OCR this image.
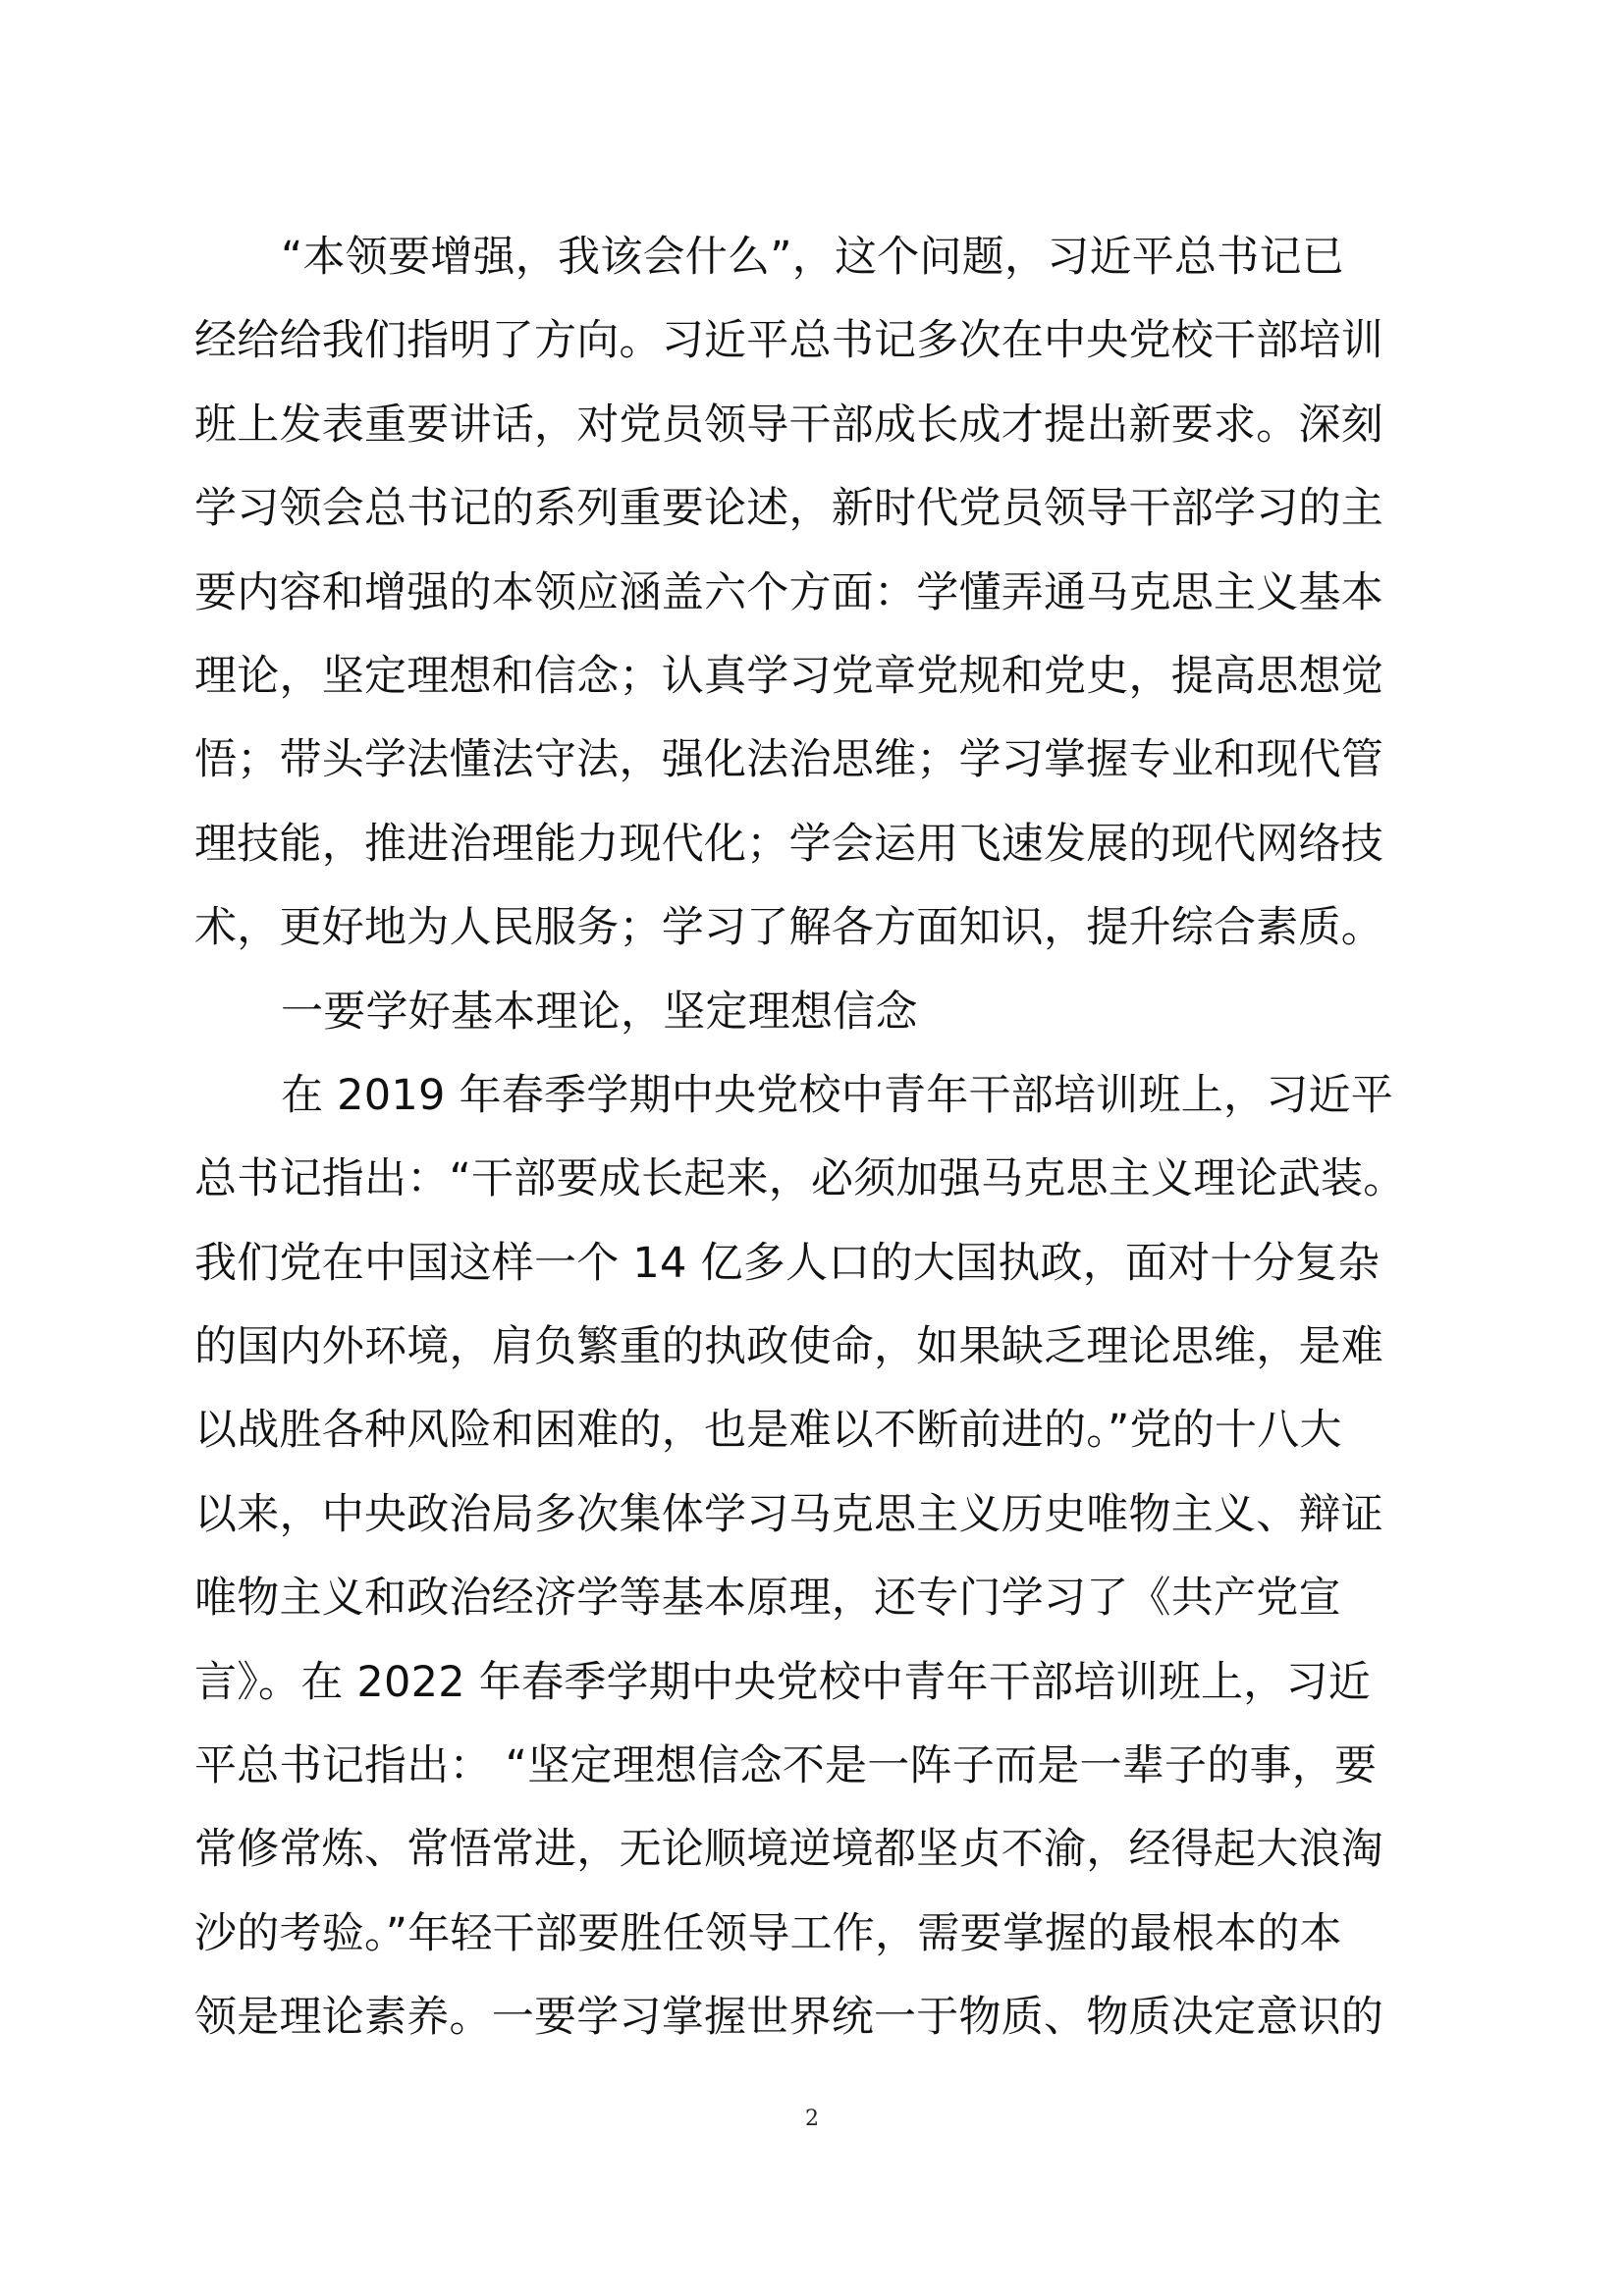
“本领要增强，我该会什么”，这个问题，习近平总书记已
经给给我们指明了方向。习近平总书记多次在中央党校干部培训
班上发表重要讲话，对党员领导干部成长成才提出新要求。深刻
学习领会总书记的系列重要论述，新时代党员领导干部学习的主
要内容和增强的本领应涵盖六个方面：学懂弄通马克思主义基本
理论，坚定理想和信念；认真学习党章党规和党史，提高思想觉
悟；带头学法懂法守法，强化法治思维；学习掌握专业和现代管
理技能，推进治理能力现代化；学会运用飞速发展的现代网络技
术，更好地为人民服务；学习了解各方面知识，提升综合素质。
一要学好基本理论，坚定理想信念
在 2019 年春季学期中央党校中青年干部培训班上，习近平
总书记指出：“干部要成长起来，必须加强马克思主义理论武装。
我们党在中国这样一个 14 亿多人口的大国执政，面对十分复杂
的国内外环境，肩负繁重的执政使命，如果缺乏理论思维，是难
以战胜各种风险和困难的，也是难以不断前进的。”党的十八大
以来，中央政治局多次集体学习马克思主义历史唯物主义、辩证
唯物主义和政治经济学等基本原理，还专门学习了《共产党宣
言》。在 2022 年春季学期中央党校中青年干部培训班上，习近
平总书记指出： “坚定理想信念不是一阵子而是一辈子的事，要
常修常炼、常悟常进，无论顺境逆境都坚贞不渝，经得起大浪淘
沙的考验。”年轻干部要胜任领导工作，需要掌握的最根本的本
领是理论素养。一要学习掌握世界统一于物质、物质决定意识的
2
